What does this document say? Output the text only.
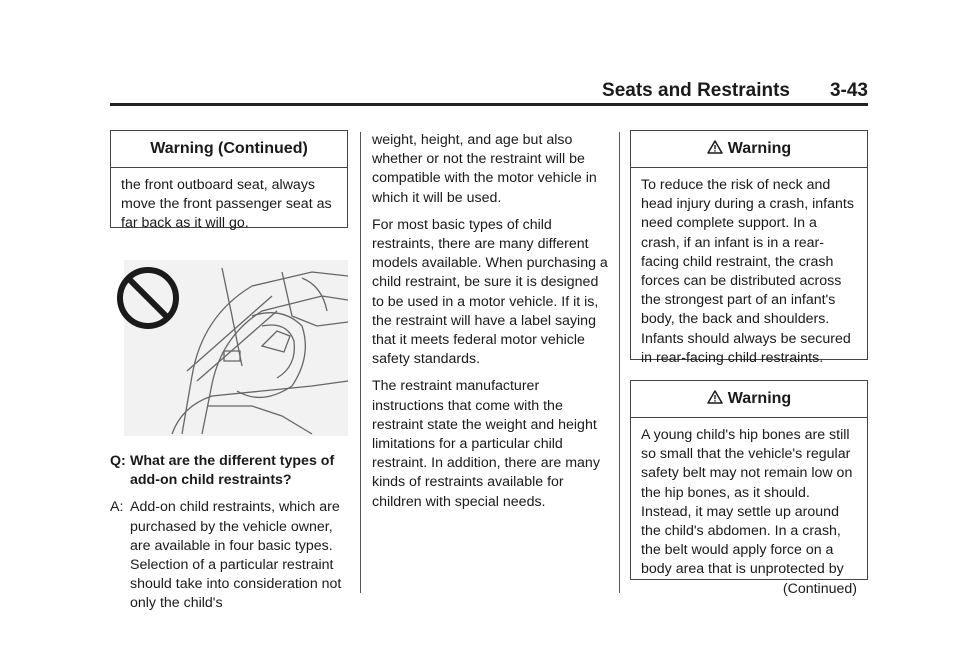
Seats and Restraints 3-43
Warning (Continued)
the front outboard seat, always move the front passenger seat as far back as it will go.
Q: What are the different types of add-on child restraints?
A: Add-on child restraints, which are purchased by the vehicle owner, are available in four basic types. Selection of a particular restraint should take into consideration not only the child's

weight, height, and age but also whether or not the restraint will be compatible with the motor vehicle in which it will be used.

For most basic types of child restraints, there are many different models available. When purchasing a child restraint, be sure it is designed to be used in a motor vehicle. If it is, the restraint will have a label saying that it meets federal motor vehicle safety standards.

The restraint manufacturer instructions that come with the restraint state the weight and height limitations for a particular child restraint. In addition, there are many kinds of restraints available for children with special needs.

Warning
To reduce the risk of neck and head injury during a crash, infants need complete support. In a crash, if an infant is in a rear-facing child restraint, the crash forces can be distributed across the strongest part of an infant's body, the back and shoulders. Infants should always be secured in rear-facing child restraints.
Warning
A young child's hip bones are still so small that the vehicle's regular safety belt may not remain low on the hip bones, as it should. Instead, it may settle up around the child's abdomen. In a crash, the belt would apply force on a body area that is unprotected by
(Continued)
